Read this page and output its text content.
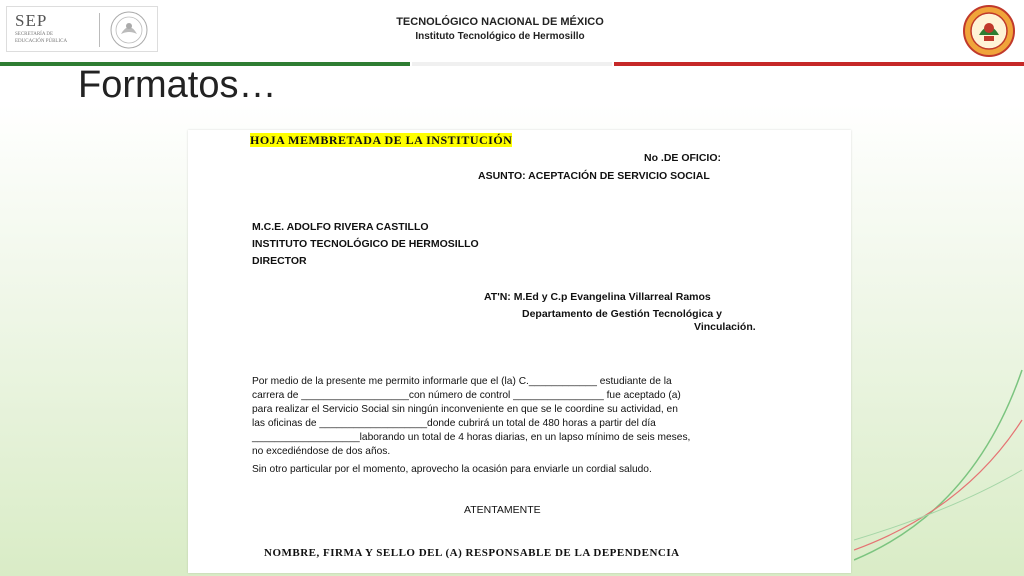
SEP
SECRETARÍA DE
EDUCACIÓN PÚBLICA
TECNOLÓGICO NACIONAL DE MÉXICO
Instituto Tecnológico de Hermosillo
Formatos…
HOJA MEMBRETADA DE LA INSTITUCIÓN
No .DE OFICIO:
ASUNTO: ACEPTACIÓN DE SERVICIO SOCIAL
M.C.E. ADOLFO RIVERA CASTILLO
INSTITUTO TECNOLÓGICO DE HERMOSILLO
DIRECTOR
AT'N: M.Ed y C.p Evangelina Villarreal Ramos
Departamento de Gestión Tecnológica y
Vinculación.
Por medio de la presente me permito informarle que el (la) C.____________ estudiante de la
carrera de ___________________con número de control ________________ fue aceptado (a)
para realizar el Servicio Social sin ningún inconveniente en que se le coordine su actividad, en
las oficinas de ___________________donde cubrirá un total de 480 horas a partir del día
___________________laborando un total de 4 horas diarias, en un lapso mínimo de seis meses,
no excediéndose de dos años.
Sin otro particular por el momento, aprovecho la ocasión para enviarle un cordial saludo.
ATENTAMENTE
NOMBRE, FIRMA Y SELLO DEL (A) RESPONSABLE DE LA DEPENDENCIA
